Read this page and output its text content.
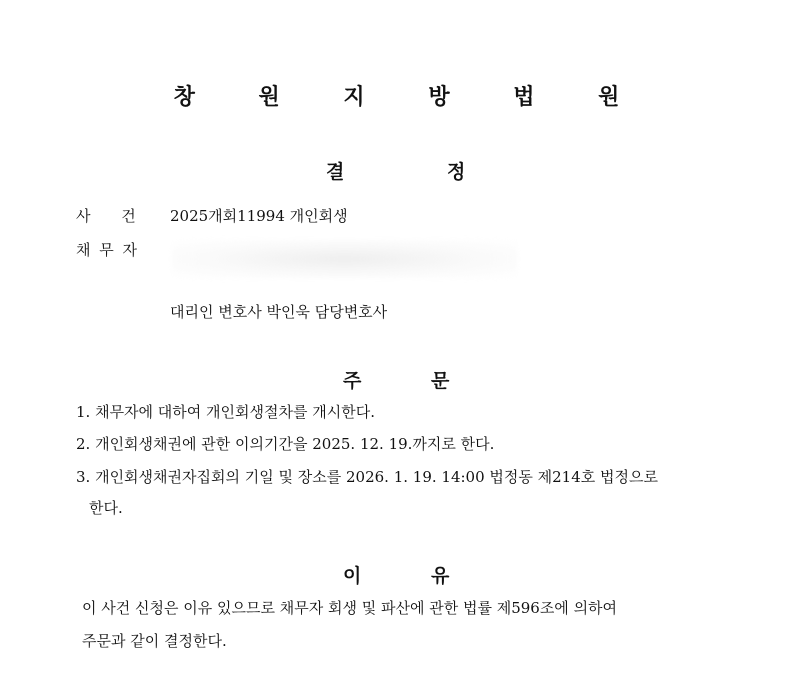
창 원 지 방 법 원
결	정
사 건 2025개회11994 개인회생
채 무 자
대리인 변호사 박인욱 담당변호사
주	문
1. 채무자에 대하여 개인회생절차를 개시한다.
2. 개인회생채권에 관한 이의기간을 2025. 12. 19.까지로 한다.
3. 개인회생채권자집회의 기일 및 장소를 2026. 1. 19. 14:00 법정동 제214호 법정으로
한다.
이	유
이 사건 신청은 이유 있으므로 채무자 회생 및 파산에 관한 법률 제596조에 의하여
주문과 같이 결정한다.
